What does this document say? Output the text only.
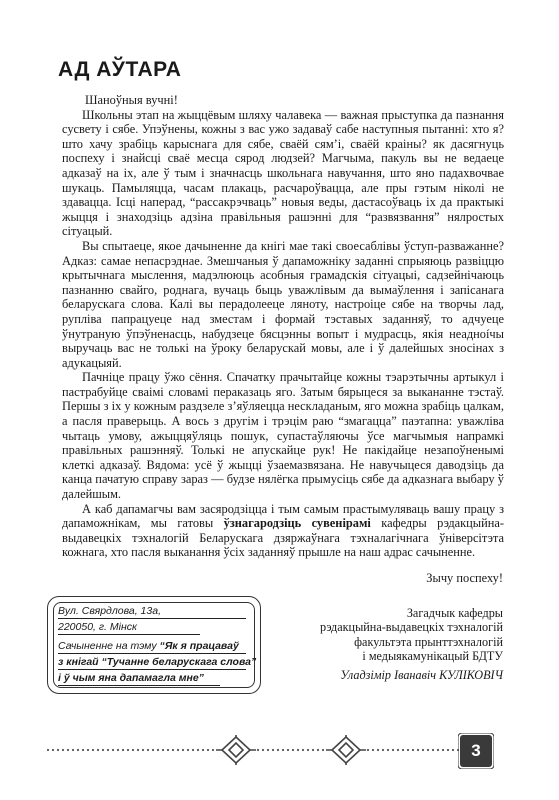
АД АЎТАРА

Шаноўныя вучні!

Школьны этап на жыццёвым шляху чалавека — важная прыступка да пазнання сусвету і сябе. Упэўнены, кожны з вас ужо задаваў сабе наступныя пытанні: хто я? што хачу зрабіць карыснага для сябе, сваёй сям’і, сваёй краіны? як дасягнуць поспеху і знайсці сваё месца сярод людзей? Магчыма, пакуль вы не ведаеце адказаў на іх, але ў тым і значнасць школьнага навучання, што яно падахвочвае шукаць. Памыляцца, часам плакаць, расчароўвацца, але пры гэтым ніколі не здавацца. Ісці наперад, “рассакрэчваць” новыя веды, дастасоўваць іх да практыкі жыцця і знаходзіць адзіна правільныя рашэнні для “развязвання” нялростых сітуацый.

Вы спытаеце, якое дачыненне да кнігі мае такі своесаблівы ўступ-разважанне? Адказ: самае непасрэднае. Змешчаныя ў дапаможніку заданні спрыяюць развіццю крытычнага мыслення, мадэлююць асобныя грамадскія сітуацыі, садзейнічаюць пазнанню свайго, роднага, вучаць быць уважлівым да вымаўлення і запісанага беларускага слова. Калі вы перадолееце ляноту, настроіце сябе на творчы лад, руплiва папрацуеце над зместам і формай тэставых заданняў, то адчуеце ўнутраную ўпэўненасць, набудзеце бясцэнны вопыт і мудрасць, якія неадноíчы выручаць вас не толькі на ўроку беларускай мовы, але і ў далейшых зносінах з адукацыяй.

Пачніце працу ўжо сёння. Спачатку прачытайце кожны тэарэтычны артыкул і пастрабуйце сваімі словамі пераказаць яго. Затым бярыцеся за выкананне тэстаў. Першы з іх у кожным раздзеле з’яўляецца нескладаным, яго можна зрабіць цалкам, а пасля праверыць. А вось з другім і трэцім раю “змагацца” паэтапна: уважліва чытаць умову, ажыццяўляць пошук, супастаўляючы ўсе магчымыя напрамкі правільных рашэнняў. Толькі не апускайце рук! Не пакідайце незапоўненымі клеткі адказаў. Вядома: усё ў жыцці ўзаемазвязана. Не навучыцеся даводзіць да канца пачатую справу зараз — будзе нялёгка прымусіць сябе да адказнага выбару ў далейшым.

А каб дапамагчы вам засяродзіцца і тым самым прастымуляваць вашу працу з дапаможнікам, мы гатовы ўзнагародзіць сувенірамі кафедры рэдакцыйна-выдавецкіх тэхналогій Беларускага дзяржаўнага тэхналагічнага ўніверсітэта кожнага, хто пасля выканання ўсіх заданняў прышле на наш адрас сачыненне.

Зычу поспеху!
Загадчык кафедры
рэдакцыйна-выдавецкіх тэхналогій
факультэта прынттэхналогій
і медыякамунікацый БДТУ
Уладзімір Іванавіч КУЛІКОВІЧ
Вул. Свярдлова, 13а,
220050, г. Мінск
Сачыненне на тэму “Як я працаваў
з кнігай “Тучанне беларускага слова”
і ў чым яна дапамагла мне”
3
